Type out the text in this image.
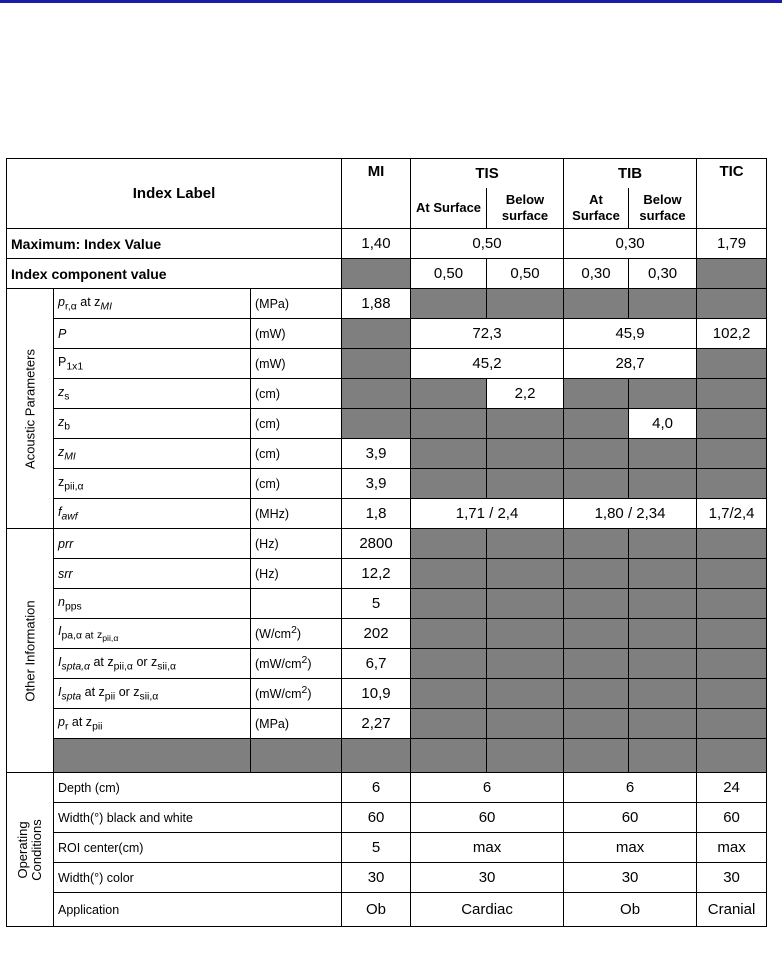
Index Label			MI	TIS		TIB		TIC
				At Surface	Below surface	At Surface	Below surface	
Maximum: Index Value			1,40	0,50		0,30		1,79
Index component value				0,50	0,50	0,30	0,30	

Acoustic Parameters	$p_{r,\alpha}$ at $z_{MI}$	(MPa)	1,88					
	P	(mW)		72,3		45,9		102,2
	$P_{1x1}$	(mW)		45,2		28,7		
	$z_s$	(cm)			2,2			
	$z_b$	(cm)					4,0	
	$z_{MI}$	(cm)	3,9					
	$z_{pii,\alpha}$	(cm)	3,9					
	$f_{awf}$	(MHz)	1,8	1,71 / 2,4		1,80 / 2,34		1,7/2,4

Other Information	prr	(Hz)	2800					
	srr	(Hz)	12,2					
	$n_{pps}$		5					
	$I_{pa,\alpha at}$ $_{z_{pii,\alpha}}$	$(W/cm^2)$	202					
	$I_{spta,\alpha}$ at $z_{pii,\alpha}$ or $z_{sii,\alpha}$	$(mW/cm^2)$	6,7					
	$I_{spta}$ at $z_{pii}$ or $z_{sii,\alpha}$	$(mW/cm^2)$	10,9					
	$p_r$ at $z_{pii}$	(MPa)	2,27					

Operating Conditions	Depth (cm)		6	6		6		24
	Width(°) black and white		60	60		60		60
	ROI center(cm)		5	max		max		max
	Width(°) color		30	30		30		30
	Application		Ob	Cardiac		Ob		Cranial
